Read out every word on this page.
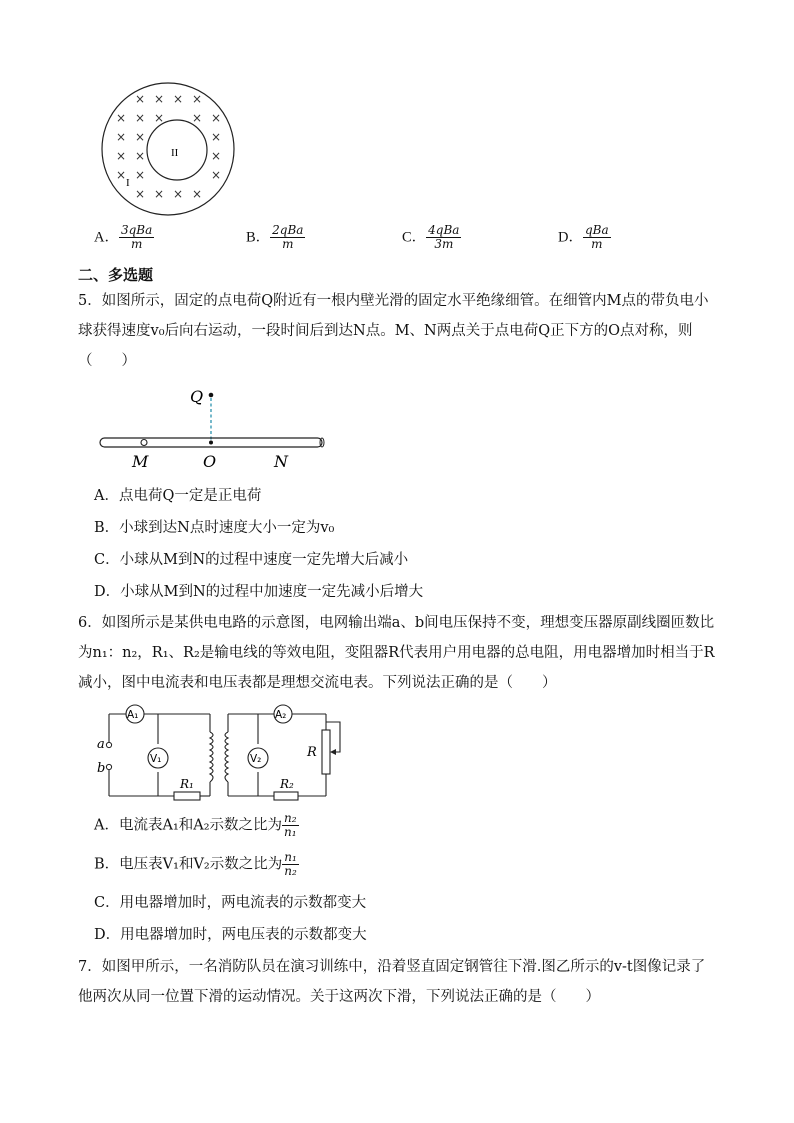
× × × ×
× × × × ×
× ×	×
× ×	×
× ×	×
× × × ×
II
I
A． $\frac{\text{3qBa}}{m}$	B． $\frac{\text{2qBa}}{m}$	C． $\frac{\text{4qBa}}{3m}$	D． $\frac{\text{qBa}}{m}$
二、多选题
5．如图所示，固定的点电荷Q附近有一根内壁光滑的固定水平绝缘细管。在细管内M点的带负电小
球获得速度v₀后向右运动，一段时间后到达N点。M、N两点关于点电荷Q正下方的O点对称，则
（　　）
Q
M	O	N
A．点电荷Q一定是正电荷
B．小球到达N点时速度大小一定为v₀
C．小球从M到N的过程中速度一定先增大后减小
D．小球从M到N的过程中加速度一定先减小后增大
6．如图所示是某供电电路的示意图，电网输出端a、b间电压保持不变，理想变压器原副线圈匝数比
为n₁：n₂，R₁、R₂是输电线的等效电阻，变阻器R代表用户用电器的总电阻，用电器增加时相当于R
减小，图中电流表和电压表都是理想交流电表。下列说法正确的是（　　）
a
b
A₁
V₁
A₂
V₂
R₁	R₂
R
A．电流表A₁和A₂示数之比为 $\frac{\text{n₂}}{\text{n₁}}$
B．电压表V₁和V₂示数之比为 $\frac{\text{n₁}}{\text{n₂}}$
C．用电器增加时，两电流表的示数都变大
D．用电器增加时，两电压表的示数都变大
7．如图甲所示，一名消防队员在演习训练中，沿着竖直固定钢管往下滑.图乙所示的v-t图像记录了
他两次从同一位置下滑的运动情况。关于这两次下滑，下列说法正确的是（　　）
